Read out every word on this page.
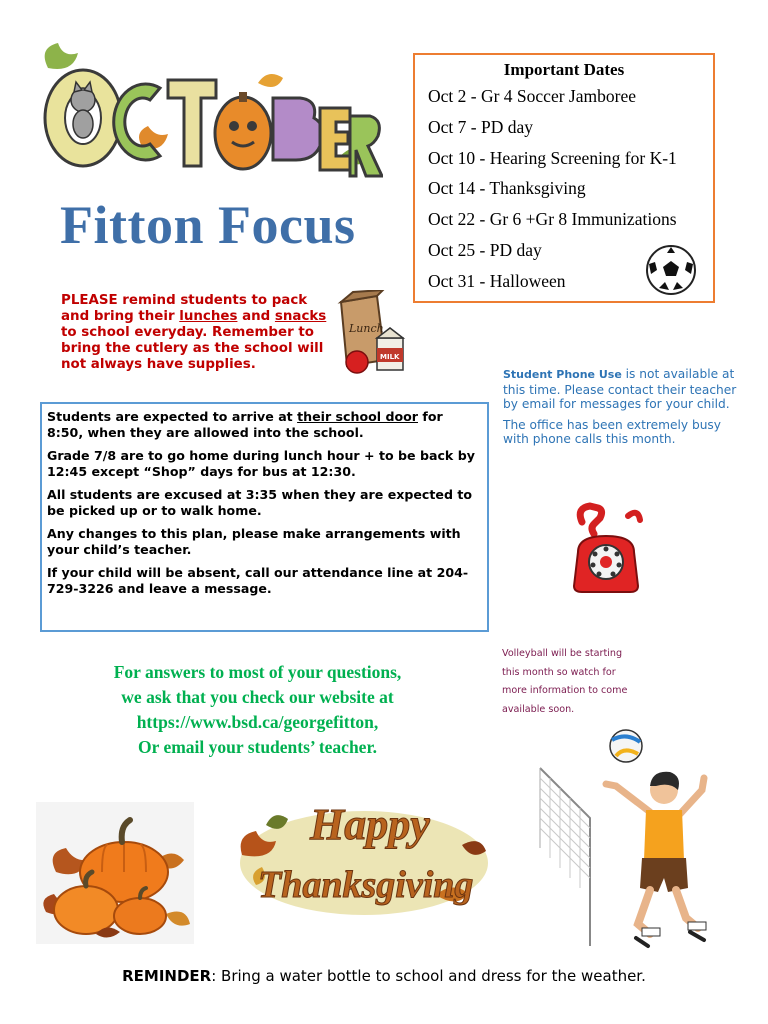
Fitton Focus
Important Dates
Oct 2 - Gr 4 Soccer Jamboree
Oct 7 - PD day
Oct 10 - Hearing Screening for K-1
Oct 14 - Thanksgiving
Oct 22 - Gr 6 +Gr 8 Immunizations
Oct 25 - PD day
Oct 31 - Halloween
PLEASE remind students to pack and bring their lunches and snacks to school everyday. Remember to bring the cutlery as the school will not always have supplies.
Lunch
MILK

Students are expected to arrive at their school door for 8:50, when they are allowed into the school.

Grade 7/8 are to go home during lunch hour + to be back by 12:45 except “Shop” days for bus at 12:30.

All students are excused at 3:35 when they are expected to be picked up or to walk home.

Any changes to this plan, please make arrangements with your child’s teacher.

If your child will be absent, call our attendance line at 204-729-3226 and leave a message.

Student Phone Use is not available at this time. Please contact their teacher by email for messages for your child.

The office has been extremely busy with phone calls this month.

Volleyball will be starting
this month so watch for
more information to come
available soon.
For answers to most of your questions,
we ask that you check our website at
https://www.bsd.ca/georgefitton,
Or email your students’ teacher.
Happy
Thanksgiving
REMINDER: Bring a water bottle to school and dress for the weather.
